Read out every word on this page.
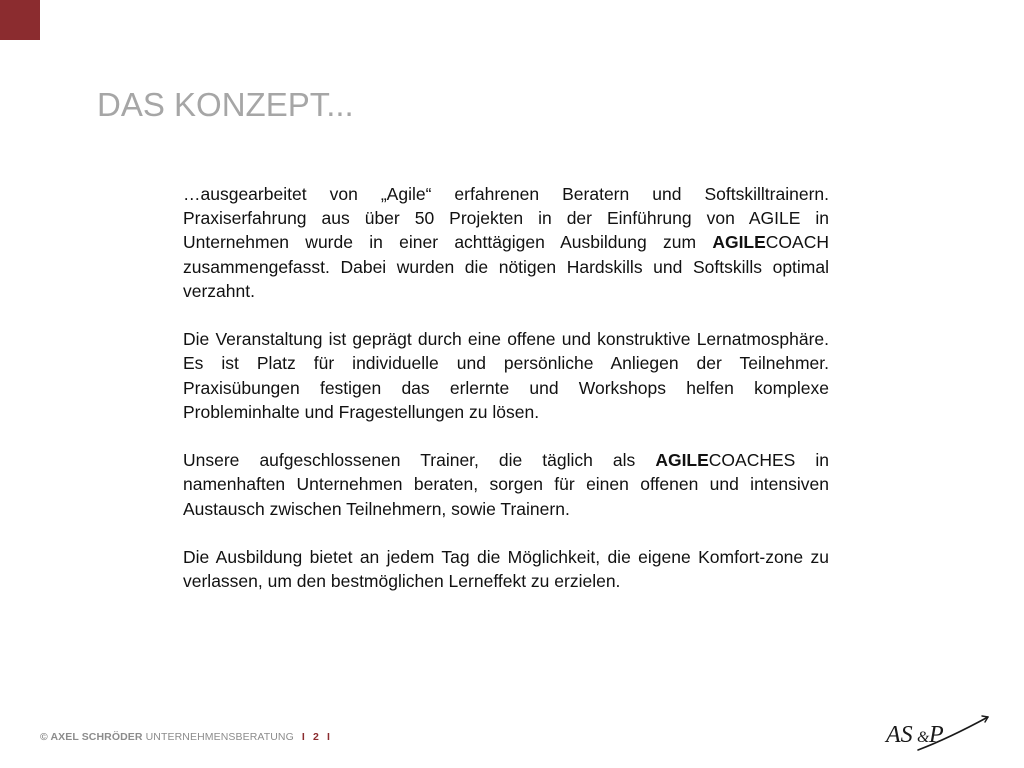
DAS KONZEPT...

…ausgearbeitet von „Agile“ erfahrenen Beratern und Softskilltrainern. Praxiserfahrung aus über 50 Projekten in der Einführung von AGILE in Unternehmen wurde in einer achttägigen Ausbildung zum AGILECOACH zusammengefasst. Dabei wurden die nötigen Hardskills und Softskills optimal verzahnt.

Die Veranstaltung ist geprägt durch eine offene und konstruktive Lernatmosphäre. Es ist Platz für individuelle und persönliche Anliegen der Teilnehmer. Praxisübungen festigen das erlernte und Workshops helfen komplexe Probleminhalte und Fragestellungen zu lösen.

Unsere aufgeschlossenen Trainer, die täglich als AGILECOACHES in namenhaften Unternehmen beraten, sorgen für einen offenen und intensiven Austausch zwischen Teilnehmern, sowie Trainern.

Die Ausbildung bietet an jedem Tag die Möglichkeit, die eigene Komfort-zone zu verlassen, um den bestmöglichen Lerneffekt zu erzielen.

© AXEL SCHRÖDER UNTERNEHMENSBERATUNG I 2 I	AS & P
